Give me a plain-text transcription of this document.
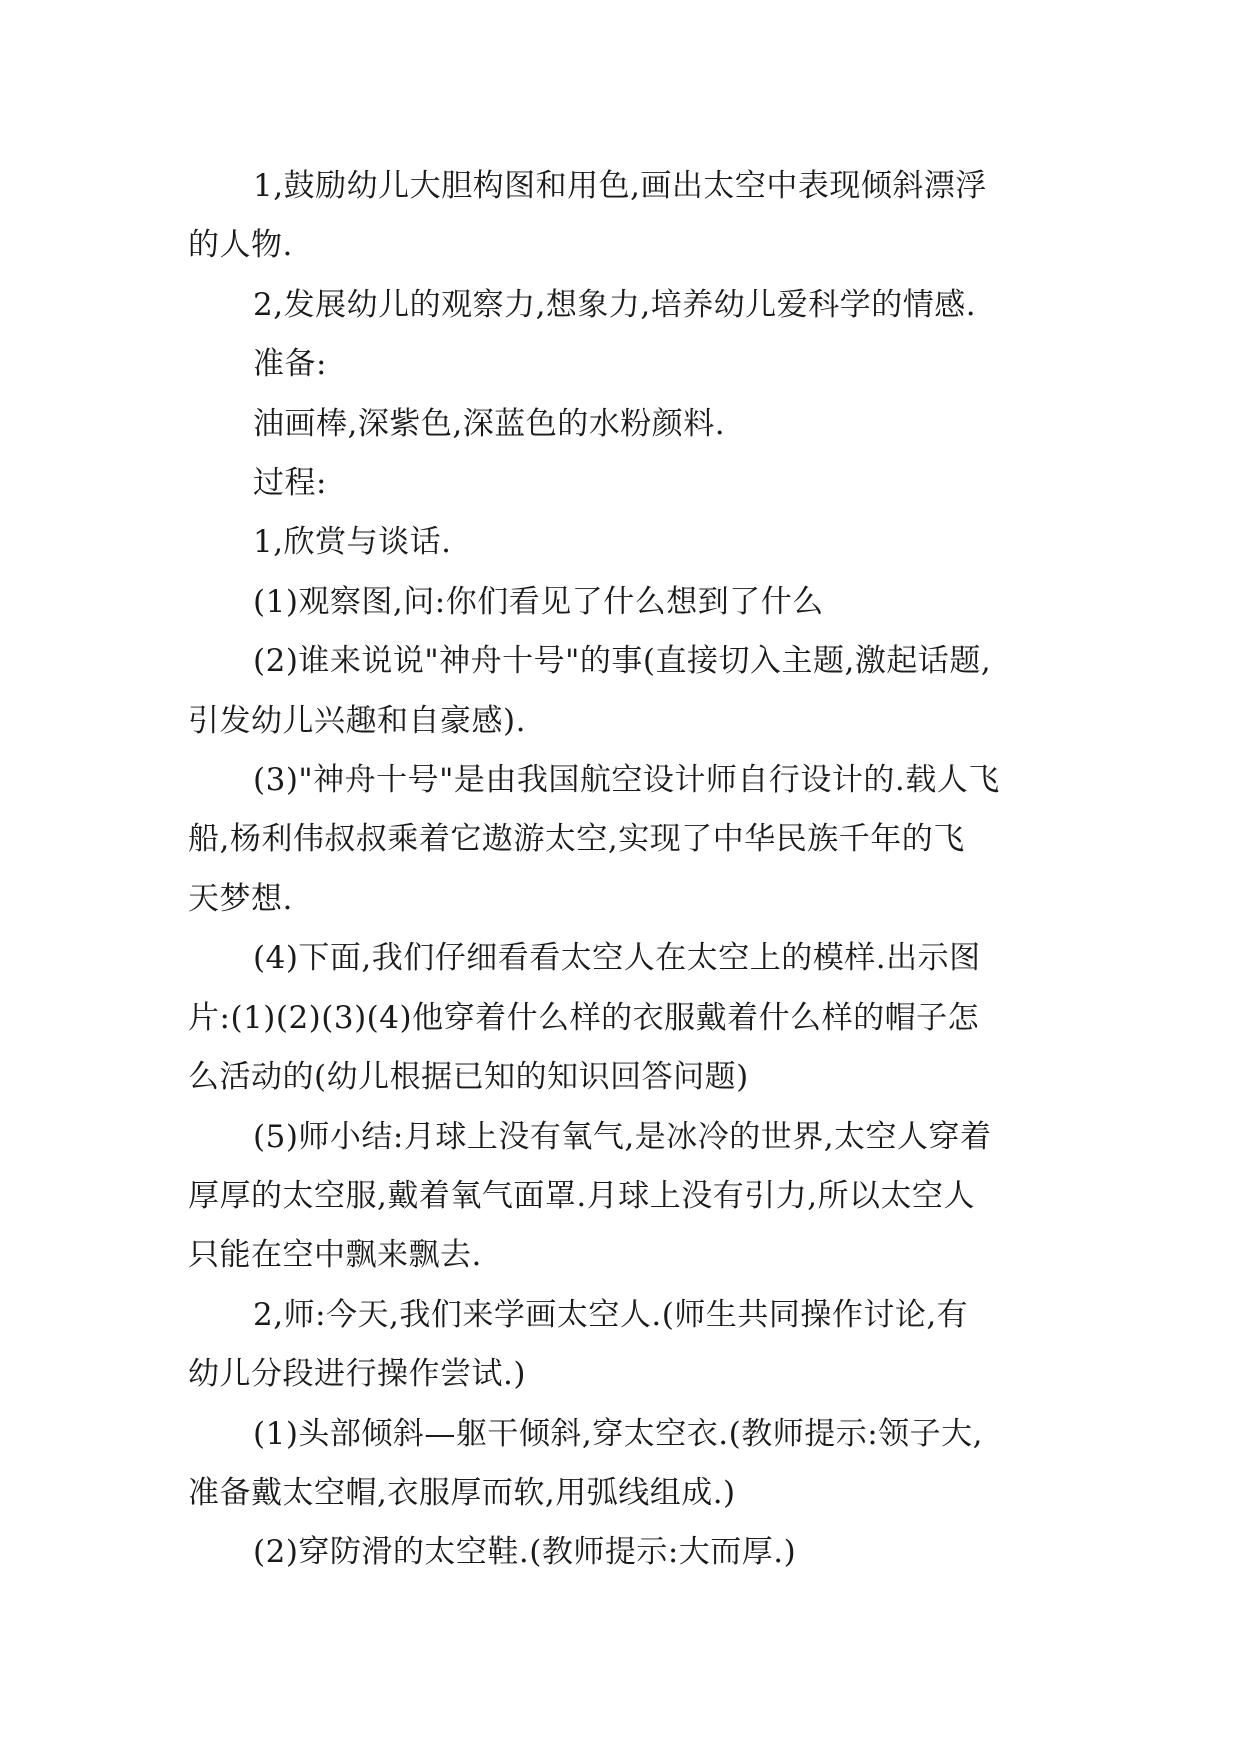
1,鼓励幼儿大胆构图和用色,画出太空中表现倾斜漂浮
的人物.

2,发展幼儿的观察力,想象力,培养幼儿爱科学的情感.

准备:

油画棒,深紫色,深蓝色的水粉颜料.

过程:

1,欣赏与谈话.

(1)观察图,问:你们看见了什么想到了什么

(2)谁来说说"神舟十号"的事(直接切入主题,激起话题,
引发幼儿兴趣和自豪感).

(3)"神舟十号"是由我国航空设计师自行设计的.载人飞
船,杨利伟叔叔乘着它遨游太空,实现了中华民族千年的飞
天梦想.

(4)下面,我们仔细看看太空人在太空上的模样.出示图
片:(1)(2)(3)(4)他穿着什么样的衣服戴着什么样的帽子怎
么活动的(幼儿根据已知的知识回答问题)

(5)师小结:月球上没有氧气,是冰冷的世界,太空人穿着
厚厚的太空服,戴着氧气面罩.月球上没有引力,所以太空人
只能在空中飘来飘去.

2,师:今天,我们来学画太空人.(师生共同操作讨论,有
幼儿分段进行操作尝试.)

(1)头部倾斜—躯干倾斜,穿太空衣.(教师提示:领子大,
准备戴太空帽,衣服厚而软,用弧线组成.)

(2)穿防滑的太空鞋.(教师提示:大而厚.)
